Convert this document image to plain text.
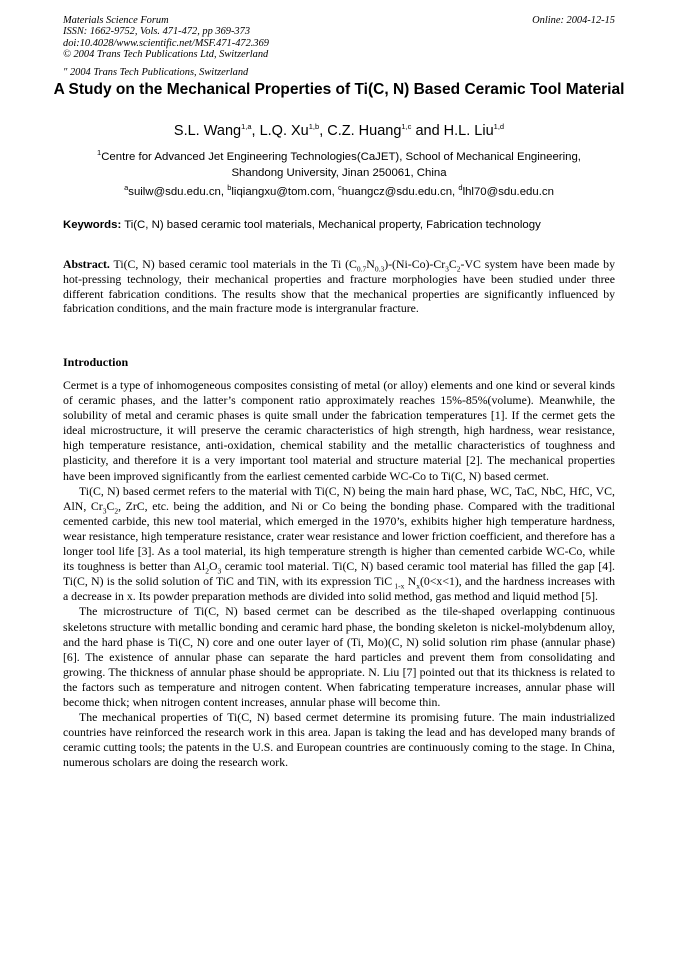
Materials Science Forum
ISSN: 1662-9752, Vols. 471-472, pp 369-373
doi:10.4028/www.scientific.net/MSF.471-472.369
© 2004 Trans Tech Publications Ltd, Switzerland
Online: 2004-12-15
" 2004 Trans Tech Publications, Switzerland
A Study on the Mechanical Properties of Ti(C, N) Based Ceramic Tool Material
S.L. Wang$^{1,a}$, L.Q. Xu$^{1,b}$, C.Z. Huang$^{1,c}$ and H.L. Liu$^{1,d}$
$^1$Centre for Advanced Jet Engineering Technologies(CaJET), School of Mechanical Engineering,
Shandong University, Jinan 250061, China
$^a$suilw@sdu.edu.cn, $^b$liqiangxu@tom.com, $^c$huangcz@sdu.edu.cn, $^d$lhl70@sdu.edu.cn
Keywords: Ti(C, N) based ceramic tool materials, Mechanical property, Fabrication technology
Abstract. Ti(C, N) based ceramic tool materials in the Ti $(C_{0.7}N_{0.3})-(Ni-Co)-Cr_3C_2-VC$ system have been made by hot-pressing technology, their mechanical properties and fracture morphologies have been studied under three different fabrication conditions. The results show that the mechanical properties are significantly influenced by fabrication conditions, and the main fracture mode is intergranular fracture.
Introduction

Cermet is a type of inhomogeneous composites consisting of metal (or alloy) elements and one kind or several kinds of ceramic phases, and the latter’s component ratio approximately reaches 15%-85%(volume). Meanwhile, the solubility of metal and ceramic phases is quite small under the fabrication temperatures [1]. If the cermet gets the ideal microstructure, it will preserve the ceramic characteristics of high strength, high hardness, wear resistance, high temperature resistance, anti-oxidation, chemical stability and the metallic characteristics of toughness and plasticity, and therefore it is a very important tool material and structure material [2]. The mechanical properties have been improved significantly from the earliest cemented carbide WC-Co to Ti(C, N) based cermet.

Ti(C, N) based cermet refers to the material with Ti(C, N) being the main hard phase, WC, TaC, NbC, HfC, VC, AlN, $Cr_3C_2$, ZrC, etc. being the addition, and Ni or Co being the bonding phase. Compared with the traditional cemented carbide, this new tool material, which emerged in the 1970’s, exhibits higher high temperature hardness, wear resistance, high temperature resistance, crater wear resistance and lower friction coefficient, and therefore has a longer tool life [3]. As a tool material, its high temperature strength is higher than cemented carbide WC-Co, while its toughness is better than $Al_2O_3$ ceramic tool material. Ti(C, N) based ceramic tool material has filled the gap [4]. Ti(C, N) is the solid solution of TiC and TiN, with its expression TiC $_{1-x}$ $N_x(0<x<1)$, and the hardness increases with a decrease in x. Its powder preparation methods are divided into solid method, gas method and liquid method [5].

The microstructure of Ti(C, N) based cermet can be described as the tile-shaped overlapping continuous skeletons structure with metallic bonding and ceramic hard phase, the bonding skeleton is nickel-molybdenum alloy, and the hard phase is Ti(C, N) core and one outer layer of (Ti, Mo)(C, N) solid solution rim phase (annular phase) [6]. The existence of annular phase can separate the hard particles and prevent them from consolidating and growing. The thickness of annular phase should be appropriate. N. Liu [7] pointed out that its thickness is related to the factors such as temperature and nitrogen content. When fabricating temperature increases, annular phase will become thick; when nitrogen content increases, annular phase will become thin.

The mechanical properties of Ti(C, N) based cermet determine its promising future. The main industrialized countries have reinforced the research work in this area. Japan is taking the lead and has developed many brands of ceramic cutting tools; the patents in the U.S. and European countries are continuously coming to the stage. In China, numerous scholars are doing the research work.
